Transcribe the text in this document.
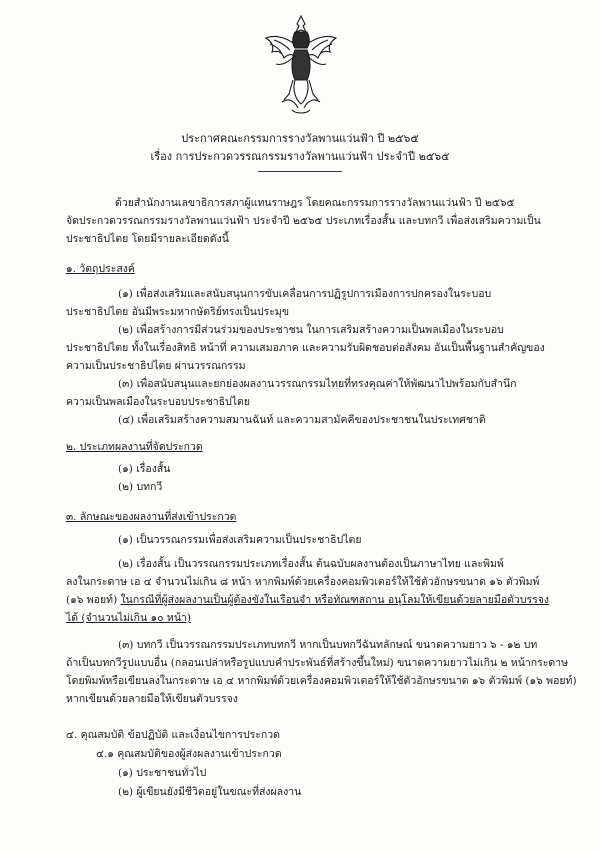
ประกาศคณะกรรมการรางวัลพานแว่นฟ้า ปี ๒๕๖๕
เรื่อง การประกวดวรรณกรรมรางวัลพานแว่นฟ้า ประจำปี ๒๕๖๕
ด้วยสำนักงานเลขาธิการสภาผู้แทนราษฎร โดยคณะกรรมการรางวัลพานแว่นฟ้า ปี ๒๕๖๕
จัดประกวดวรรณกรรมรางวัลพานแว่นฟ้า ประจำปี ๒๕๖๕ ประเภทเรื่องสั้น และบทกวี เพื่อส่งเสริมความเป็น
ประชาธิปไตย โดยมีรายละเอียดดังนี้
๑. วัตถุประสงค์
(๑) เพื่อส่งเสริมและสนับสนุนการขับเคลื่อนการปฏิรูปการเมืองการปกครองในระบอบ
ประชาธิปไตย อันมีพระมหากษัตริย์ทรงเป็นประมุข
(๒) เพื่อสร้างการมีส่วนร่วมของประชาชน ในการเสริมสร้างความเป็นพลเมืองในระบอบ
ประชาธิปไตย ทั้งในเรื่องสิทธิ หน้าที่ ความเสมอภาค และความรับผิดชอบต่อสังคม อันเป็นพื้นฐานสำคัญของ
ความเป็นประชาธิปไตย ผ่านวรรณกรรม
(๓) เพื่อสนับสนุนและยกย่องผลงานวรรณกรรมไทยที่ทรงคุณค่าให้พัฒนาไปพร้อมกับสำนึก
ความเป็นพลเมืองในระบอบประชาธิปไตย
(๔) เพื่อเสริมสร้างความสมานฉันท์ และความสามัคคีของประชาชนในประเทศชาติ
๒. ประเภทผลงานที่จัดประกวด
(๑) เรื่องสั้น
(๒) บทกวี
๓. ลักษณะของผลงานที่ส่งเข้าประกวด
(๑) เป็นวรรณกรรมเพื่อส่งเสริมความเป็นประชาธิปไตย
(๒) เรื่องสั้น เป็นวรรณกรรมประเภทเรื่องสั้น ต้นฉบับผลงานต้องเป็นภาษาไทย และพิมพ์
ลงในกระดาษ เอ ๔ จำนวนไม่เกิน ๘ หน้า หากพิมพ์ด้วยเครื่องคอมพิวเตอร์ให้ใช้ตัวอักษรขนาด ๑๖ ตัวพิมพ์
(๑๖ พอยท์) ในกรณีที่ผู้ส่งผลงานเป็นผู้ต้องขังในเรือนจำ หรือทัณฑสถาน อนุโลมให้เขียนด้วยลายมือตัวบรรจง
ได้ (จำนวนไม่เกิน ๑๐ หน้า)
(๓) บทกวี เป็นวรรณกรรมประเภทบทกวี หากเป็นบทกวีฉันทลักษณ์ ขนาดความยาว ๖ - ๑๒ บท
ถ้าเป็นบทกวีรูปแบบอื่น (กลอนเปล่าหรือรูปแบบคำประพันธ์ที่สร้างขึ้นใหม่) ขนาดความยาวไม่เกิน ๒ หน้ากระดาษ
โดยพิมพ์หรือเขียนลงในกระดาษ เอ ๔ หากพิมพ์ด้วยเครื่องคอมพิวเตอร์ให้ใช้ตัวอักษรขนาด ๑๖ ตัวพิมพ์ (๑๖ พอยท์)
หากเขียนด้วยลายมือให้เขียนตัวบรรจง
๔. คุณสมบัติ ข้อปฏิบัติ และเงื่อนไขการประกวด
๔.๑ คุณสมบัติของผู้ส่งผลงานเข้าประกวด
(๑) ประชาชนทั่วไป
(๒) ผู้เขียนยังมีชีวิตอยู่ในขณะที่ส่งผลงาน
